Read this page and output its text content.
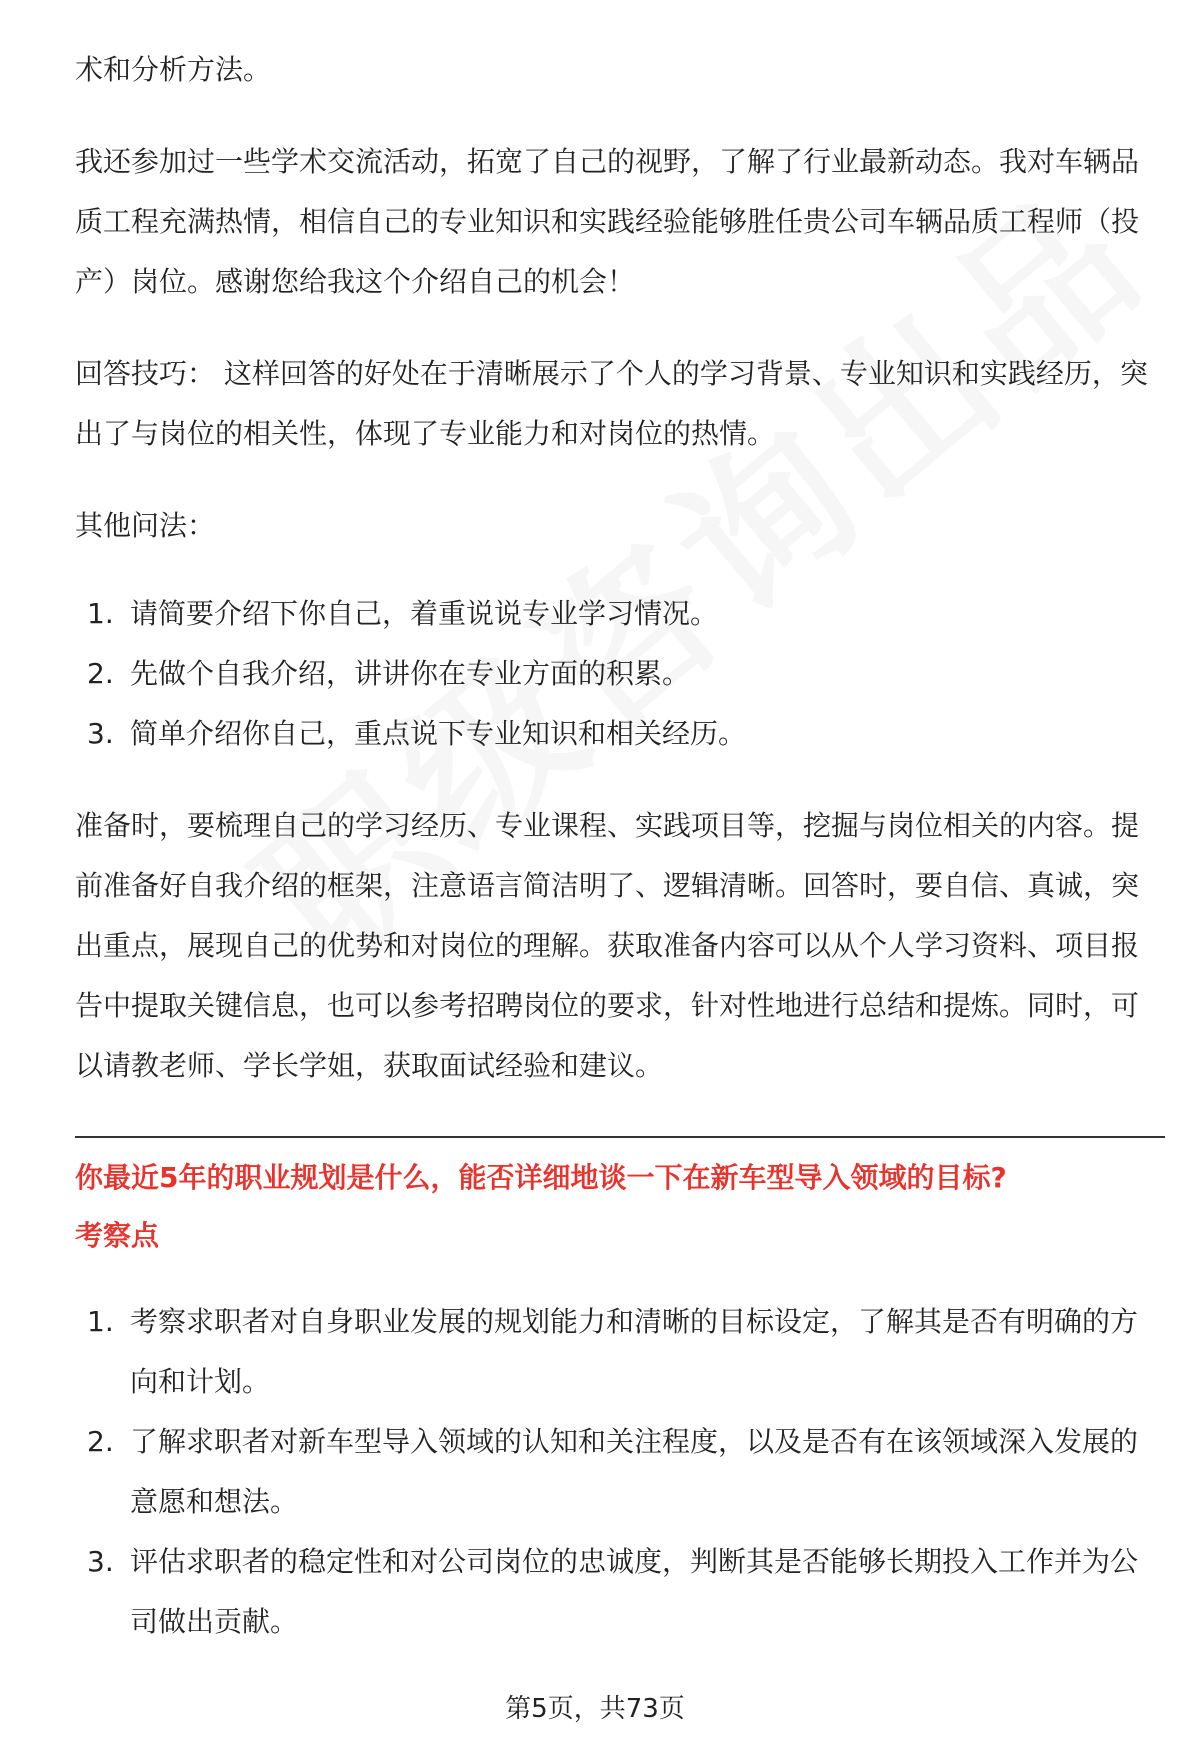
术和分析方法。

我还参加过一些学术交流活动，拓宽了自己的视野，了解了行业最新动态。我对车辆品质工程充满热情，相信自己的专业知识和实践经验能够胜任贵公司车辆品质工程师（投产）岗位。感谢您给我这个介绍自己的机会！

回答技巧： 这样回答的好处在于清晰展示了个人的学习背景、专业知识和实践经历，突出了与岗位的相关性，体现了专业能力和对岗位的热情。

其他问法：

1. 请简要介绍下你自己，着重说说专业学习情况。
2. 先做个自我介绍，讲讲你在专业方面的积累。
3. 简单介绍你自己，重点说下专业知识和相关经历。

准备时，要梳理自己的学习经历、专业课程、实践项目等，挖掘与岗位相关的内容。提前准备好自我介绍的框架，注意语言简洁明了、逻辑清晰。回答时，要自信、真诚，突出重点，展现自己的优势和对岗位的理解。获取准备内容可以从个人学习资料、项目报告中提取关键信息，也可以参考招聘岗位的要求，针对性地进行总结和提炼。同时，可以请教老师、学长学姐，获取面试经验和建议。

你最近5年的职业规划是什么，能否详细地谈一下在新车型导入领域的目标?

考察点

1. 考察求职者对自身职业发展的规划能力和清晰的目标设定，了解其是否有明确的方向和计划。
2. 了解求职者对新车型导入领域的认知和关注程度，以及是否有在该领域深入发展的意愿和想法。
3. 评估求职者的稳定性和对公司岗位的忠诚度，判断其是否能够长期投入工作并为公司做出贡献。
第5页，共73页
